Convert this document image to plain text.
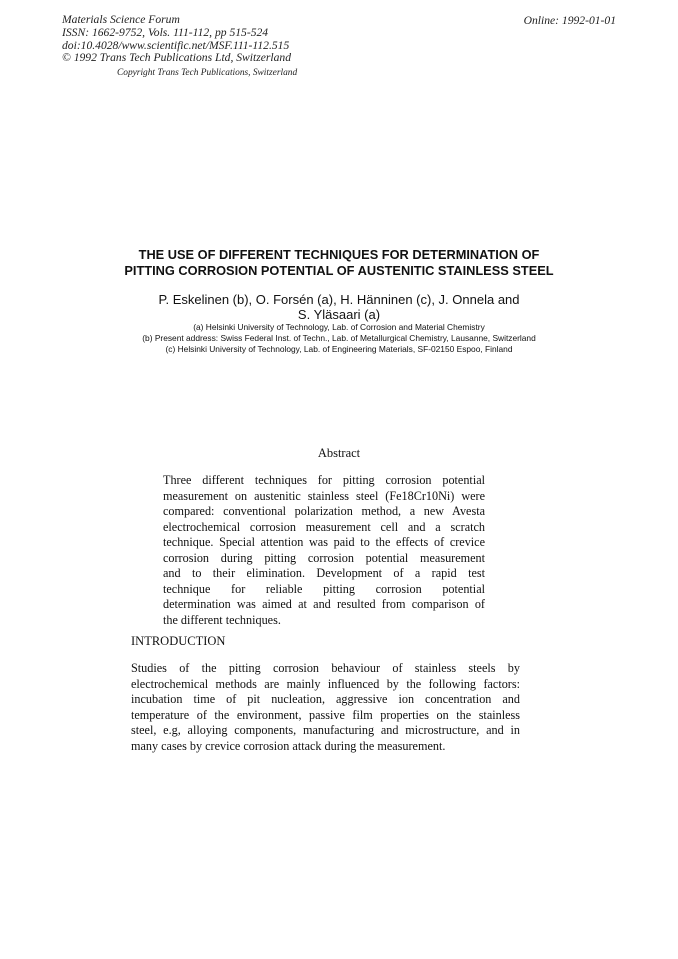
Materials Science Forum
ISSN: 1662-9752, Vols. 111-112, pp 515-524
doi:10.4028/www.scientific.net/MSF.111-112.515
© 1992 Trans Tech Publications Ltd, Switzerland
Online: 1992-01-01
Copyright Trans Tech Publications, Switzerland
THE USE OF DIFFERENT TECHNIQUES FOR DETERMINATION OF
PITTING CORROSION POTENTIAL OF AUSTENITIC STAINLESS STEEL
P. Eskelinen (b), O. Forsén (a), H. Hänninen (c), J. Onnela and
S. Yläsaari (a)
(a) Helsinki University of Technology, Lab. of Corrosion and Material Chemistry
(b) Present address: Swiss Federal Inst. of Techn., Lab. of Metallurgical Chemistry, Lausanne, Switzerland
(c) Helsinki University of Technology, Lab. of Engineering Materials, SF-02150 Espoo, Finland
Abstract
Three different techniques for pitting corrosion potential
measurement on austenitic stainless steel (Fe18Cr10Ni) were
compared: conventional polarization method, a new Avesta
electrochemical corrosion measurement cell and a scratch
technique. Special attention was paid to the effects of crevice
corrosion during pitting corrosion potential measurement
and to their elimination. Development of a rapid test
technique for reliable pitting corrosion potential
determination was aimed at and resulted from comparison of
the different techniques.
INTRODUCTION
Studies of the pitting corrosion behaviour of stainless steels by
electrochemical methods are mainly influenced by the following factors:
incubation time of pit nucleation, aggressive ion concentration and
temperature of the environment, passive film properties on the stainless
steel, e.g, alloying components, manufacturing and microstructure, and in
many cases by crevice corrosion attack during the measurement.
